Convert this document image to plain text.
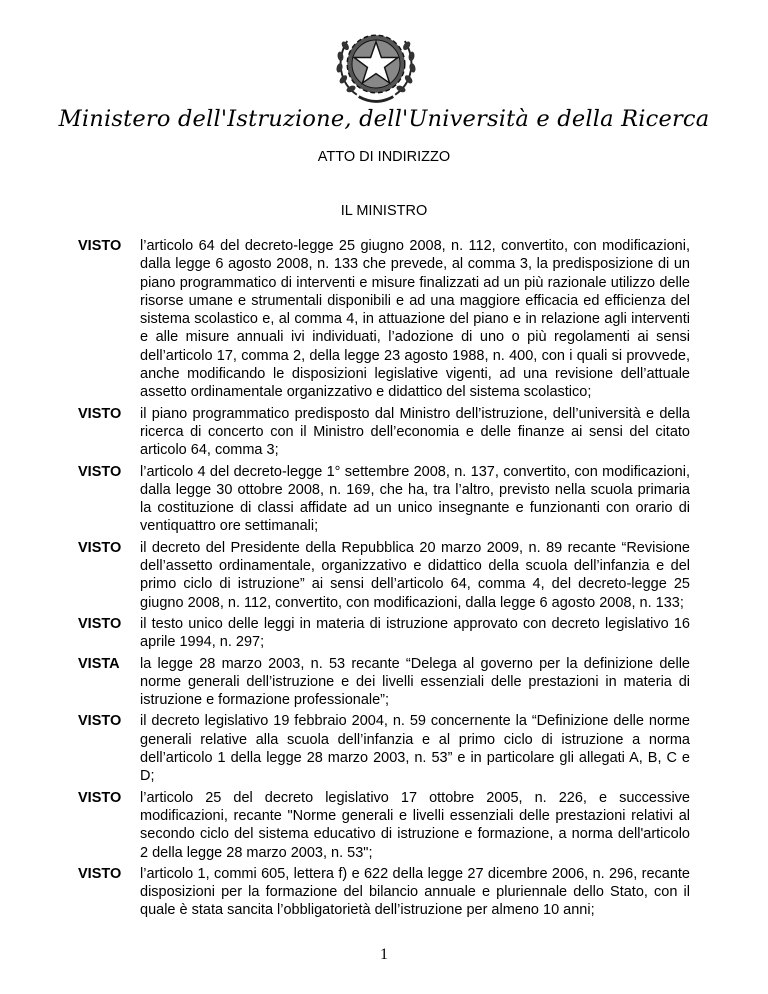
Ministero dell'Istruzione, dell'Università e della Ricerca
ATTO DI INDIRIZZO
IL MINISTRO
VISTO	l’articolo 64 del decreto-legge 25 giugno 2008, n. 112, convertito, con modificazioni, dalla legge 6 agosto 2008, n. 133 che prevede, al comma 3, la predisposizione di un piano programmatico di interventi e misure finalizzati ad un più razionale utilizzo delle risorse umane e strumentali disponibili e ad una maggiore efficacia ed efficienza del sistema scolastico e, al comma 4, in attuazione del piano e in relazione agli interventi e alle misure annuali ivi individuati, l’adozione di uno o più regolamenti ai sensi dell’articolo 17, comma 2, della legge 23 agosto 1988, n. 400, con i quali si provvede, anche modificando le disposizioni legislative vigenti, ad una revisione dell’attuale assetto ordinamentale organizzativo e didattico del sistema scolastico;
VISTO	il piano programmatico predisposto dal Ministro dell’istruzione, dell’università e della ricerca di concerto con il Ministro dell’economia e delle finanze ai sensi del citato articolo 64, comma 3;
VISTO	l’articolo 4 del decreto-legge 1° settembre 2008, n. 137, convertito, con modificazioni, dalla legge 30 ottobre 2008, n. 169, che ha, tra l’altro, previsto nella scuola primaria la costituzione di classi affidate ad un unico insegnante e funzionanti con orario di ventiquattro ore settimanali;
VISTO	il decreto del Presidente della Repubblica 20 marzo 2009, n. 89 recante “Revisione dell’assetto ordinamentale, organizzativo e didattico della scuola dell’infanzia e del primo ciclo di istruzione” ai sensi dell’articolo 64, comma 4, del decreto-legge 25 giugno 2008, n. 112, convertito, con modificazioni, dalla legge 6 agosto 2008, n. 133;
VISTO	il testo unico delle leggi in materia di istruzione approvato con decreto legislativo 16 aprile 1994, n. 297;
VISTA	la legge 28 marzo 2003, n. 53 recante “Delega al governo per la definizione delle norme generali dell’istruzione e dei livelli essenziali delle prestazioni in materia di istruzione e formazione professionale”;
VISTO	il decreto legislativo 19 febbraio 2004, n. 59 concernente la “Definizione delle norme generali relative alla scuola dell’infanzia e al primo ciclo di istruzione a norma dell’articolo 1 della legge 28 marzo 2003, n. 53” e in particolare gli allegati A, B, C e D;
VISTO	l’articolo 25 del decreto legislativo 17 ottobre 2005, n. 226, e successive modificazioni, recante "Norme generali e livelli essenziali delle prestazioni relativi al secondo ciclo del sistema educativo di istruzione e formazione, a norma dell'articolo 2 della legge 28 marzo 2003, n. 53";
VISTO	l’articolo 1, commi 605, lettera f) e 622 della legge 27 dicembre 2006, n. 296, recante disposizioni per la formazione del bilancio annuale e pluriennale dello Stato, con il quale è stata sancita l’obbligatorietà dell’istruzione per almeno 10 anni;
1
